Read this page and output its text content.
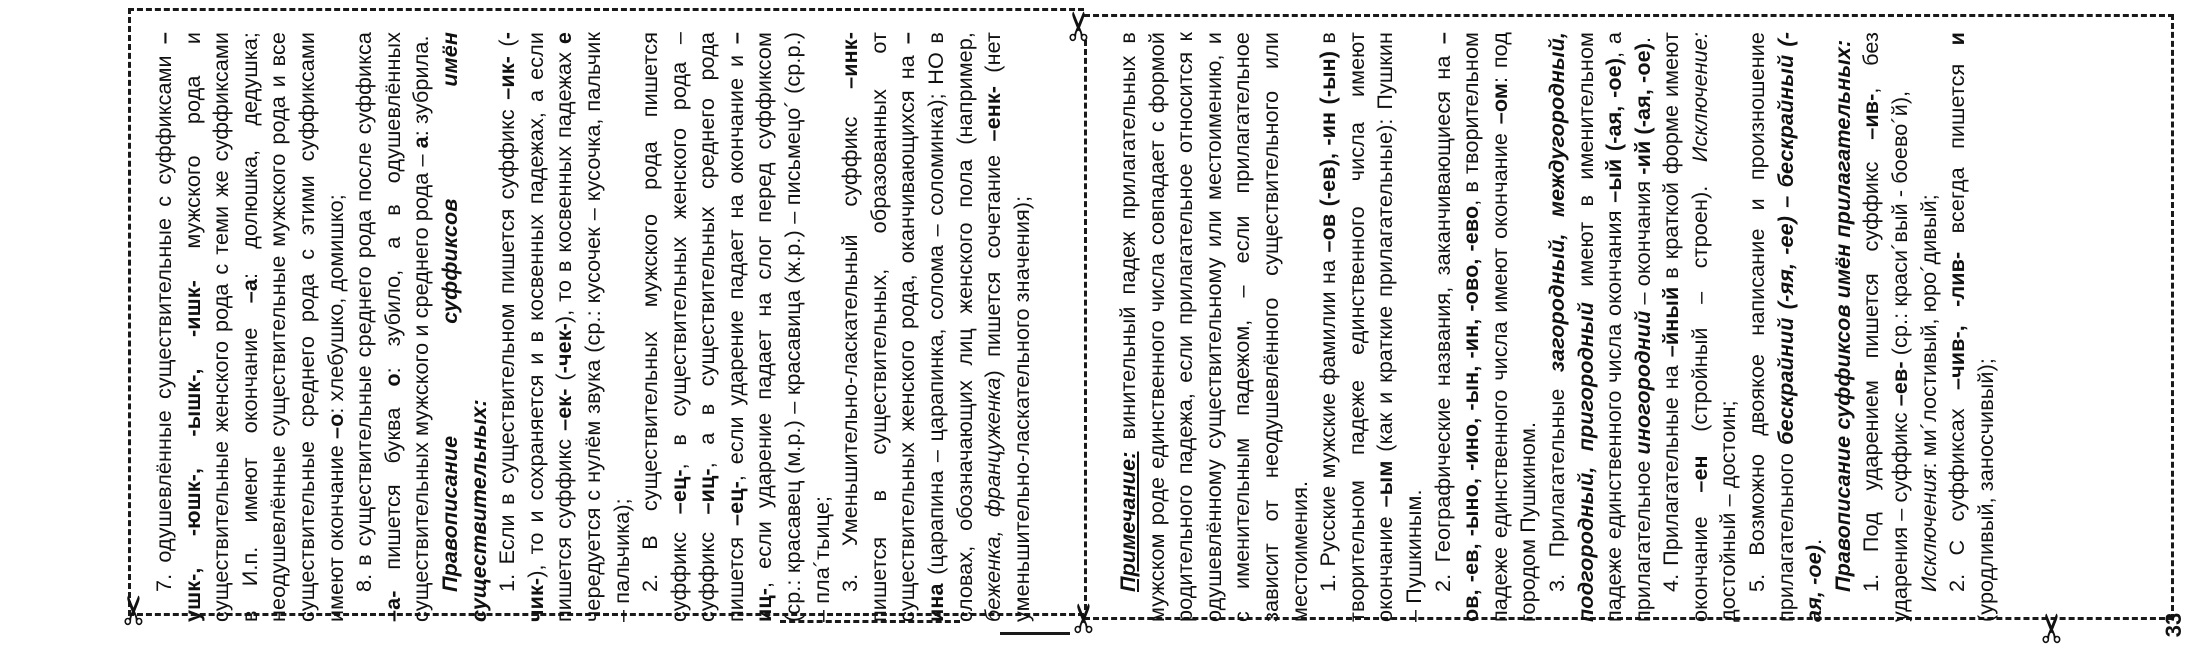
✂
✂
✂	✂	33

7. одушевлённые существительные с суффиксами –ушк-, -юшк-, -ышк-, -ишк- мужского рода и существительные женского рода с теми же суффиксами в И.п. имеют окончание –а: долюшка, дедушка; неодушевлённые существительные мужского рода и все существительные среднего рода с этими суффиксами имеют окончание –о: хлебушко, домишко; 8. в существительные среднего рода после суффикса –а- пишется буква о: зубило, а в одушевлённых существительных мужского и среднего рода – а: зубрила. Правописание суффиксов имён существительных: 1. Если в существительном пишется суффикс –ик- (-чик-), то и сохраняется и в косвенных падежах, а если пишется суффикс –ек- (-чек-), то в косвенных падежах е чередуется с нулём звука (ср.: кусочек – кусочка, пальчик – пальчика); 2. В существительных мужского рода пишется суффикс –ец-, в существительных женского рода – суффикс –иц-, а в существительных среднего рода пишется –ец-, если ударение падает на окончание и –иц-, если ударение падает на слог перед суффиксом (ср.: красавец (м.р.) – красавица (ж.р.) – письмецо´ (ср.р.) – пла´тьице; 3. Уменьшительно-ласкательный суффикс –инк- пишется в существительных, образованных от существительных женского рода, оканчивающихся на –ина (царапина – царапинка, солома – соломинка); НО в словах, обозначающих лиц женского пола (например, беженка, француженка) пишется сочетание –енк- (нет уменьшительно-ласкательного значения);	Примечание: винительный падеж прилагательных в мужском роде единственного числа совпадает с формой родительного падежа, если прилагательное относится к одушевлённому существительному или местоимению, и с именительным падежом, – если прилагательное зависит от неодушевлённого существительного или местоимения. 1. Русские мужские фамилии на –ов (-ев), -ин (-ын) в творительном падеже единственного числа имеют окончание –ым (как и краткие прилагательные): Пушкин – Пушкиным. 2. Географические названия, заканчивающиеся на –ов, -ев, -ыно, -ино, -ын, -ин, -ово, -ево, в творительном падеже единственного числа имеют окончание –ом: под городом Пушкином. 3. Прилагательные загородный, междугородный, подгородный, пригородный имеют в именительном падеже единственного числа окончания –ый (-ая, -ое), а прилагательное иногородний – окончания -ий (-ая, -ое).

4. Прилагательные на –йный в краткой форме имеют окончание –ен (стройный – строен). Исключение: достойный – достоин; 5. Возможно двоякое написание и произношение прилагательного бескрайний (-яя, -ее) – бескрайный (-ая, -ое). Правописание суффиксов имён прилагательных: 1. Под ударением пишется суффикс –ив-, без ударения – суффикс –ев- (ср.: краси´вый - боево´й),

Исключения: ми´лостивый, юро´дивый;

2. С суффиксах –чив-, -лив- всегда пишется и (уродливый, заносчивый);
